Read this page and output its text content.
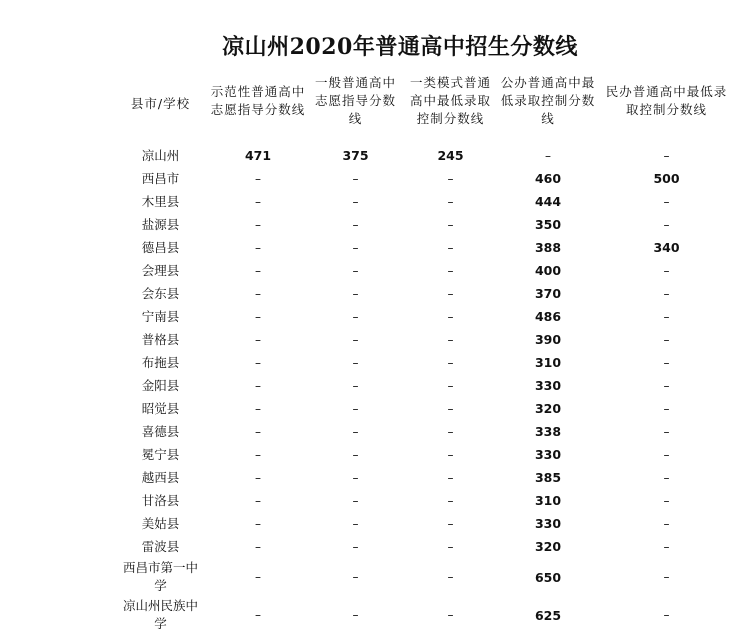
凉山州2020年普通高中招生分数线
县市/学校	示范性普通高中志愿指导分数线	一般普通高中志愿指导分数线	一类模式普通高中最低录取控制分数线	公办普通高中最低录取控制分数线	民办普通高中最低录取控制分数线
凉山州	471	375	245	–	–
西昌市	–	–	–	460	500
木里县	–	–	–	444	–
盐源县	–	–	–	350	–
德昌县	–	–	–	388	340
会理县	–	–	–	400	–
会东县	–	–	–	370	–
宁南县	–	–	–	486	–
普格县	–	–	–	390	–
布拖县	–	–	–	310	–
金阳县	–	–	–	330	–
昭觉县	–	–	–	320	–
喜德县	–	–	–	338	–
冕宁县	–	–	–	330	–
越西县	–	–	–	385	–
甘洛县	–	–	–	310	–
美姑县	–	–	–	330	–
雷波县	–	–	–	320	–
西昌市第一中学	–	–	–	650	–
凉山州民族中学	–	–	–	625	–
